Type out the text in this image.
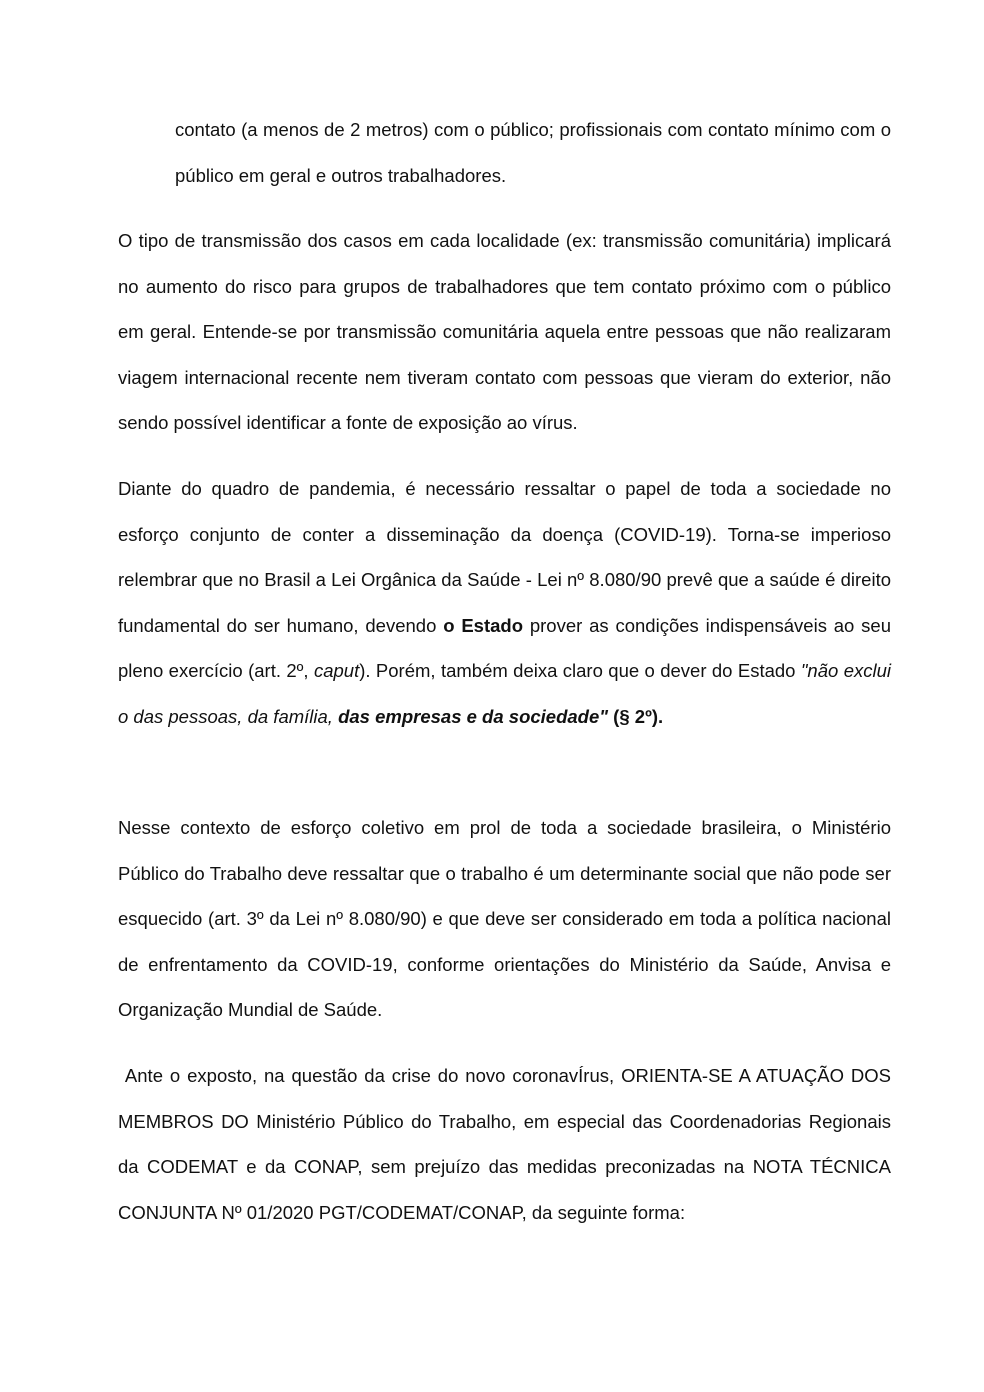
contato (a menos de 2 metros) com o público; profissionais com contato mínimo com o público em geral e outros trabalhadores.

O tipo de transmissão dos casos em cada localidade (ex: transmissão comunitária) implicará no aumento do risco para grupos de trabalhadores que tem contato próximo com o público em geral. Entende-se por transmissão comunitária aquela entre pessoas que não realizaram viagem internacional recente nem tiveram contato com pessoas que vieram do exterior, não sendo possível identificar a fonte de exposição ao vírus.

Diante do quadro de pandemia, é necessário ressaltar o papel de toda a sociedade no esforço conjunto de conter a disseminação da doença (COVID-19). Torna-se imperioso relembrar que no Brasil a Lei Orgânica da Saúde - Lei nº 8.080/90 prevê que a saúde é direito fundamental do ser humano, devendo o Estado prover as condições indispensáveis ao seu pleno exercício (art. 2º, caput). Porém, também deixa claro que o dever do Estado "não exclui o das pessoas, da família, das empresas e da sociedade" (§ 2º).

Nesse contexto de esforço coletivo em prol de toda a sociedade brasileira, o Ministério Público do Trabalho deve ressaltar que o trabalho é um determinante social que não pode ser esquecido (art. 3º da Lei nº 8.080/90) e que deve ser considerado em toda a política nacional de enfrentamento da COVID-19, conforme orientações do Ministério da Saúde, Anvisa e Organização Mundial de Saúde.

Ante o exposto, na questão da crise do novo coronavÍrus, ORIENTA-SE A ATUAÇÃO DOS MEMBROS DO Ministério Público do Trabalho, em especial das Coordenadorias Regionais da CODEMAT e da CONAP, sem prejuízo das medidas preconizadas na NOTA TÉCNICA CONJUNTA Nº 01/2020 PGT/CODEMAT/CONAP, da seguinte forma:
